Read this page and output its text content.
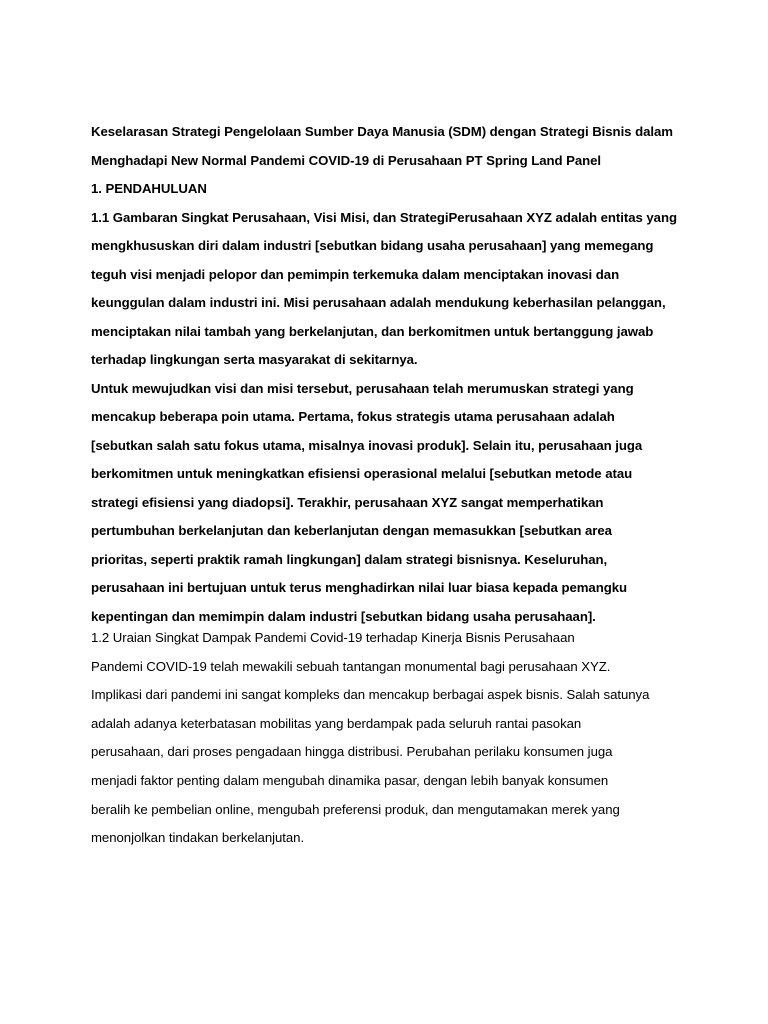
Keselarasan Strategi Pengelolaan Sumber Daya Manusia (SDM) dengan Strategi Bisnis dalam
Menghadapi New Normal Pandemi COVID-19 di Perusahaan PT Spring Land Panel
1. PENDAHULUAN
1.1 Gambaran Singkat Perusahaan, Visi Misi, dan StrategiPerusahaan XYZ adalah entitas yang
mengkhususkan diri dalam industri [sebutkan bidang usaha perusahaan] yang memegang
teguh visi menjadi pelopor dan pemimpin terkemuka dalam menciptakan inovasi dan
keunggulan dalam industri ini. Misi perusahaan adalah mendukung keberhasilan pelanggan,
menciptakan nilai tambah yang berkelanjutan, dan berkomitmen untuk bertanggung jawab
terhadap lingkungan serta masyarakat di sekitarnya.
Untuk mewujudkan visi dan misi tersebut, perusahaan telah merumuskan strategi yang
mencakup beberapa poin utama. Pertama, fokus strategis utama perusahaan adalah
[sebutkan salah satu fokus utama, misalnya inovasi produk]. Selain itu, perusahaan juga
berkomitmen untuk meningkatkan efisiensi operasional melalui [sebutkan metode atau
strategi efisiensi yang diadopsi]. Terakhir, perusahaan XYZ sangat memperhatikan
pertumbuhan berkelanjutan dan keberlanjutan dengan memasukkan [sebutkan area
prioritas, seperti praktik ramah lingkungan] dalam strategi bisnisnya. Keseluruhan,
perusahaan ini bertujuan untuk terus menghadirkan nilai luar biasa kepada pemangku
kepentingan dan memimpin dalam industri [sebutkan bidang usaha perusahaan].
1.2 Uraian Singkat Dampak Pandemi Covid-19 terhadap Kinerja Bisnis Perusahaan
Pandemi COVID-19 telah mewakili sebuah tantangan monumental bagi perusahaan XYZ.
Implikasi dari pandemi ini sangat kompleks dan mencakup berbagai aspek bisnis. Salah satunya
adalah adanya keterbatasan mobilitas yang berdampak pada seluruh rantai pasokan
perusahaan, dari proses pengadaan hingga distribusi. Perubahan perilaku konsumen juga
menjadi faktor penting dalam mengubah dinamika pasar, dengan lebih banyak konsumen
beralih ke pembelian online, mengubah preferensi produk, dan mengutamakan merek yang
menonjolkan tindakan berkelanjutan.
